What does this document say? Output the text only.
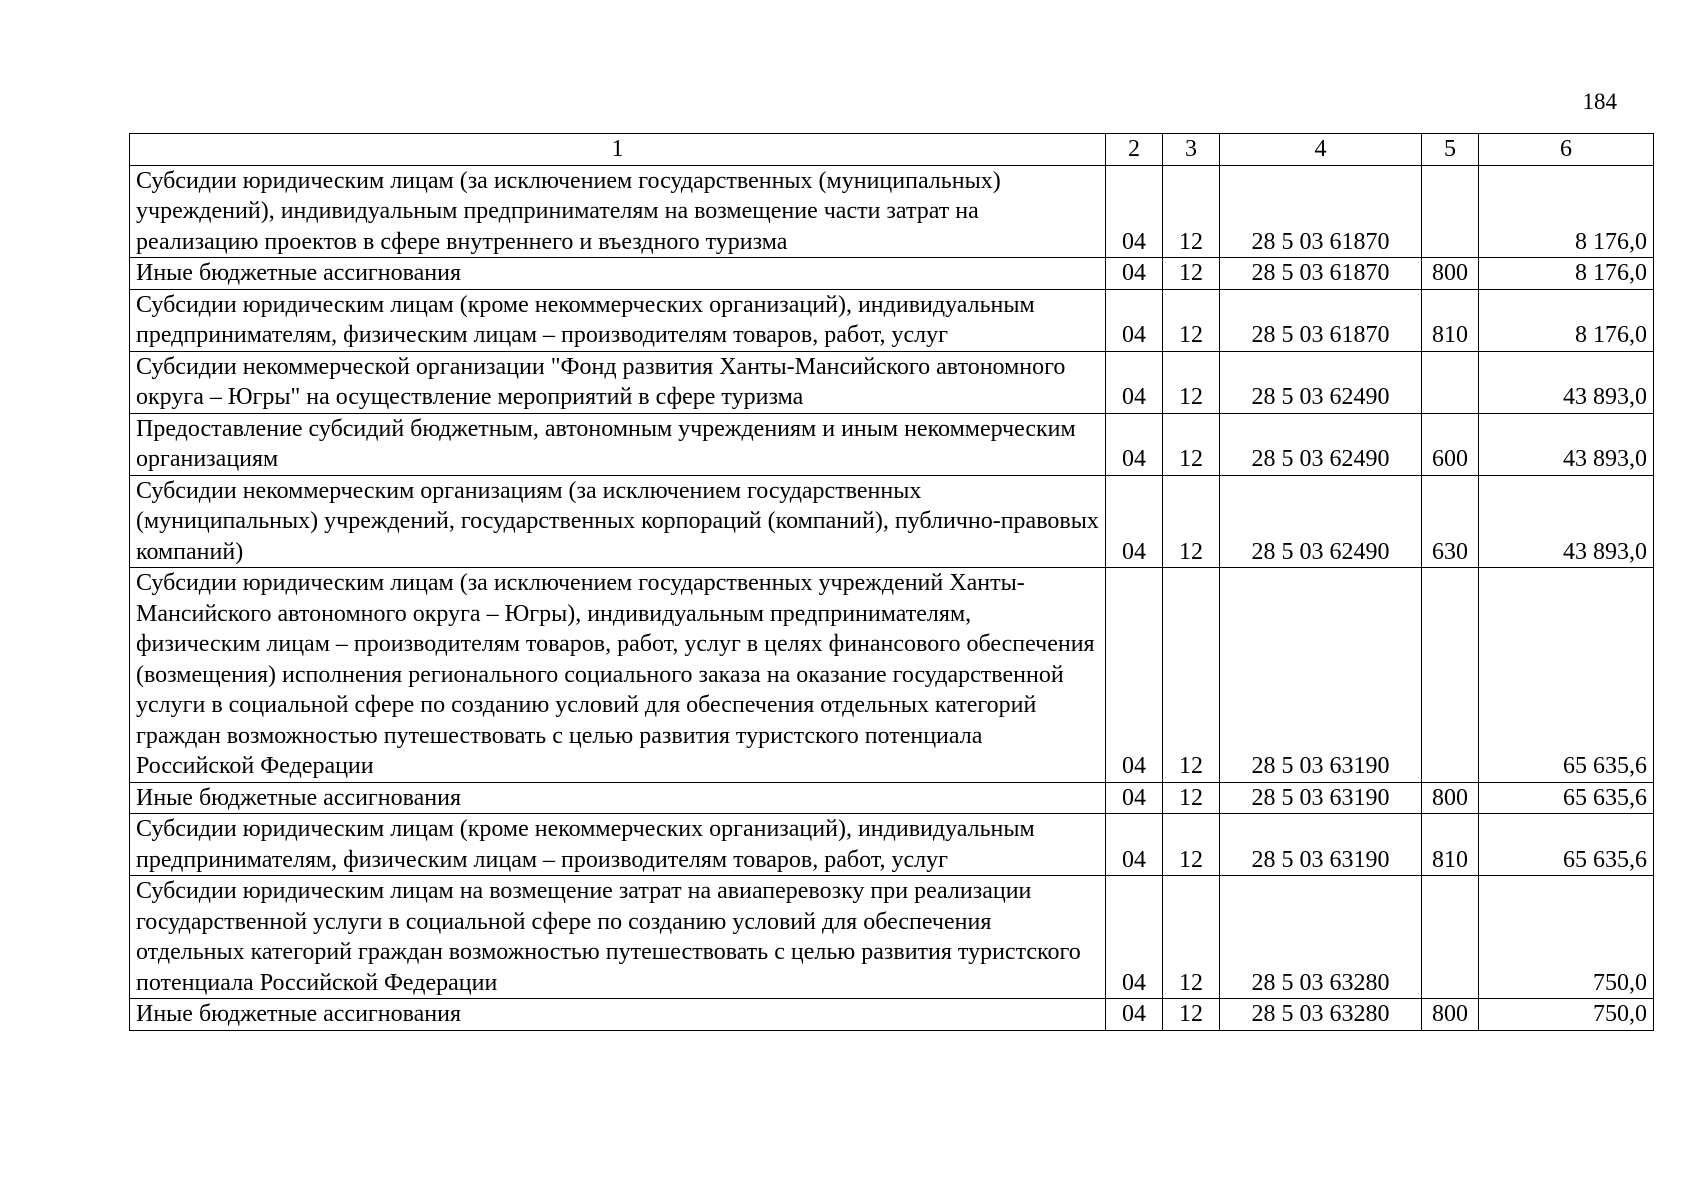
184
1	2	3	4	5	6
Субсидии юридическим лицам (за исключением государственных (муниципальных) учреждений), индивидуальным предпринимателям на возмещение части затрат на реализацию проектов в сфере внутреннего и въездного туризма	04	12	28 5 03 61870		8 176,0
Иные бюджетные ассигнования	04	12	28 5 03 61870	800	8 176,0
Субсидии юридическим лицам (кроме некоммерческих организаций), индивидуальным предпринимателям, физическим лицам – производителям товаров, работ, услуг	04	12	28 5 03 61870	810	8 176,0
Субсидии некоммерческой организации "Фонд развития Ханты-Мансийского автономного округа – Югры" на осуществление мероприятий в сфере туризма	04	12	28 5 03 62490		43 893,0
Предоставление субсидий бюджетным, автономным учреждениям и иным некоммерческим организациям	04	12	28 5 03 62490	600	43 893,0
Субсидии некоммерческим организациям (за исключением государственных (муниципальных) учреждений, государственных корпораций (компаний), публично-правовых компаний)	04	12	28 5 03 62490	630	43 893,0
Субсидии юридическим лицам (за исключением государственных учреждений Ханты-Мансийского автономного округа – Югры), индивидуальным предпринимателям, физическим лицам – производителям товаров, работ, услуг в целях финансового обеспечения (возмещения) исполнения регионального социального заказа на оказание государственной услуги в социальной сфере по созданию условий для обеспечения отдельных категорий граждан возможностью путешествовать с целью развития туристского потенциала Российской Федерации	04	12	28 5 03 63190		65 635,6
Иные бюджетные ассигнования	04	12	28 5 03 63190	800	65 635,6
Субсидии юридическим лицам (кроме некоммерческих организаций), индивидуальным предпринимателям, физическим лицам – производителям товаров, работ, услуг	04	12	28 5 03 63190	810	65 635,6
Субсидии юридическим лицам на возмещение затрат на авиаперевозку при реализации государственной услуги в социальной сфере по созданию условий для обеспечения отдельных категорий граждан возможностью путешествовать с целью развития туристского потенциала Российской Федерации	04	12	28 5 03 63280		750,0
Иные бюджетные ассигнования	04	12	28 5 03 63280	800	750,0
